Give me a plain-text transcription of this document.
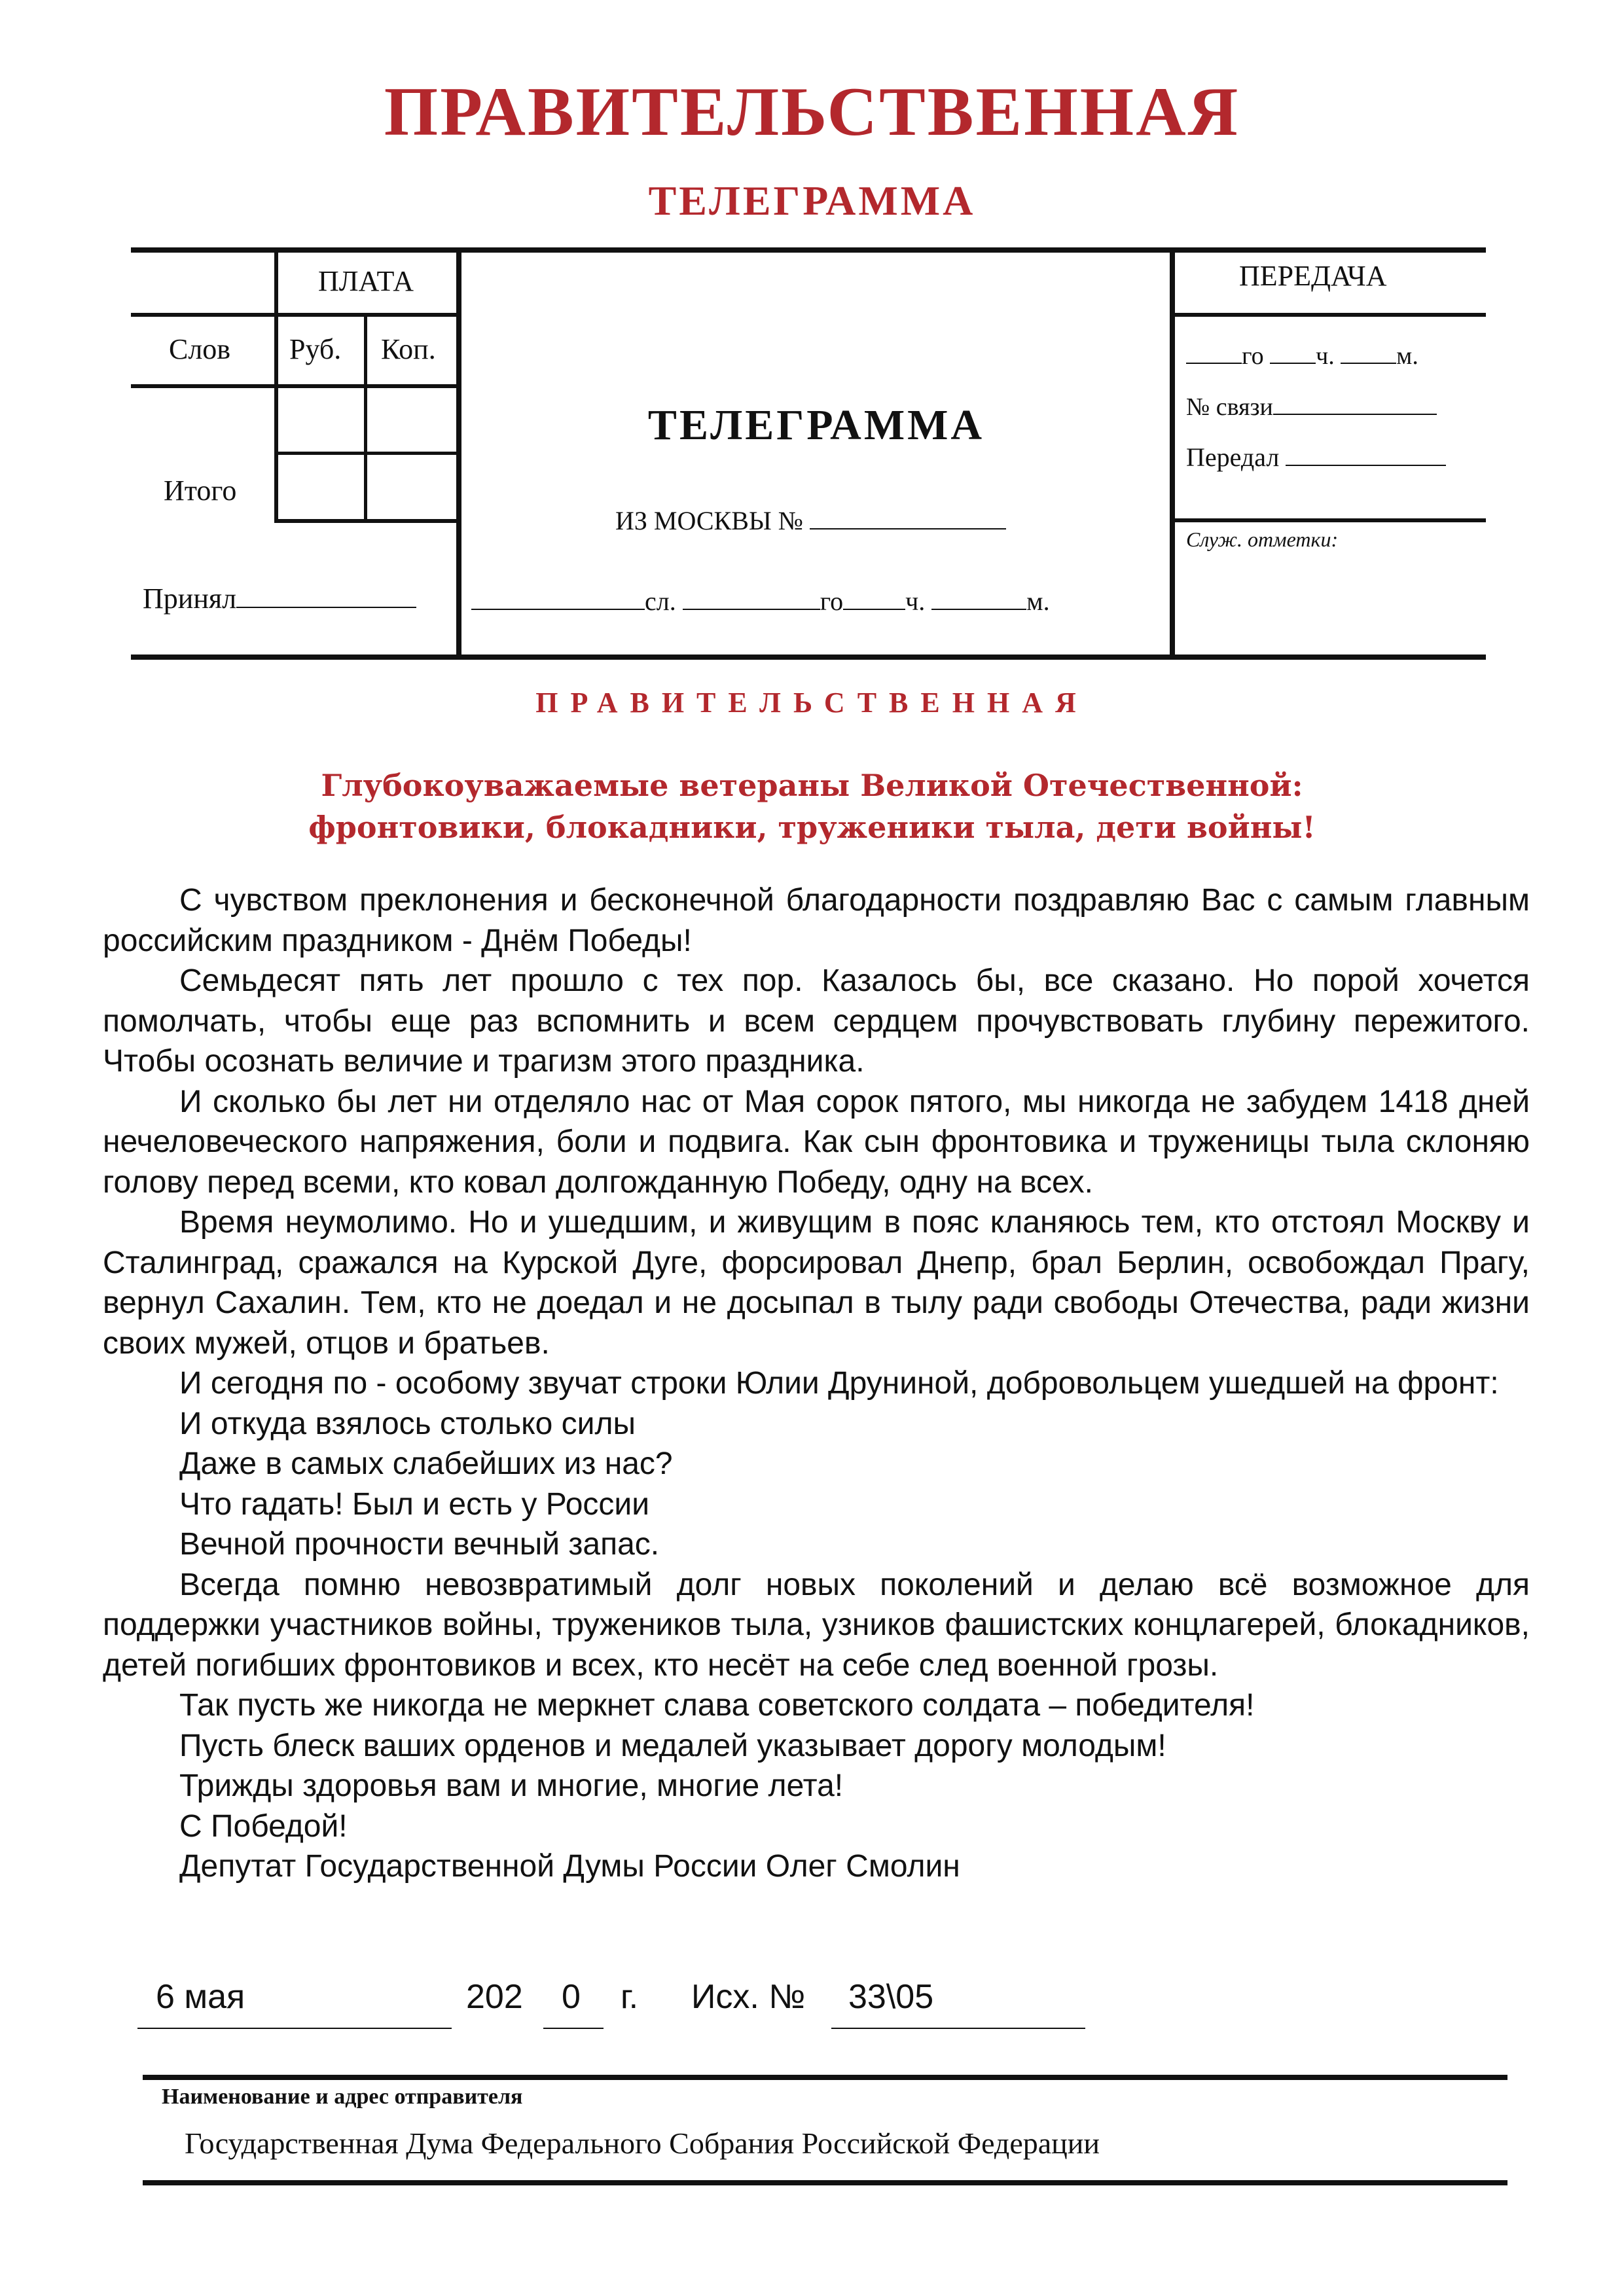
ПРАВИТЕЛЬСТВЕННАЯ
ТЕЛЕГРАММА
ПЛАТА
Слов Руб. Коп.
Итого
Принял
ТЕЛЕГРАММА
ИЗ МОСКВЫ №
сл.	го ч.	м.
ПЕРЕДАЧА
го ч. м.
№ связи
Передал
Служ. отметки:
ПРАВИТЕЛЬСТВЕННАЯ
Глубокоуважаемые ветераны Великой Отечественной:
фронтовики, блокадники, труженики тыла, дети войны!

С чувством преклонения и бесконечной благодарности поздравляю Вас с самым главным российским праздником - Днём Победы!

Семьдесят пять лет прошло с тех пор. Казалось бы, все сказано. Но порой хочется помолчать, чтобы еще раз вспомнить и всем сердцем прочувствовать глубину пережитого. Чтобы осознать величие и трагизм этого праздника.

И сколько бы лет ни отделяло нас от Мая сорок пятого, мы никогда не забудем 1418 дней нечеловеческого напряжения, боли и подвига. Как сын фронтовика и труженицы тыла склоняю голову перед всеми, кто ковал долгожданную Победу, одну на всех.

Время неумолимо. Но и ушедшим, и живущим в пояс кланяюсь тем, кто отстоял Москву и Сталинград, сражался на Курской Дуге, форсировал Днепр, брал Берлин, освобождал Прагу, вернул Сахалин. Тем, кто не доедал и не досыпал в тылу ради свободы Отечества, ради жизни своих мужей, отцов и братьев.

И сегодня по - особому звучат строки Юлии Друниной, добровольцем ушедшей на фронт:

И откуда взялось столько силы

Даже в самых слабейших из нас?

Что гадать! Был и есть у России

Вечной прочности вечный запас.

Всегда помню невозвратимый долг новых поколений и делаю всё возможное для поддержки участников войны, тружеников тыла, узников фашистских концлагерей, блокадников, детей погибших фронтовиков и всех, кто несёт на себе след военной грозы.

Так пусть же никогда не меркнет слава советского солдата – победителя!

Пусть блеск ваших орденов и медалей указывает дорогу молодым!

Трижды здоровья вам и многие, многие лета!

С Победой!

Депутат Государственной Думы России Олег Смолин

6 мая	202 0 г. Исх. № 33\05
Наименование и адрес отправителя
Государственная Дума Федерального Собрания Российской Федерации
